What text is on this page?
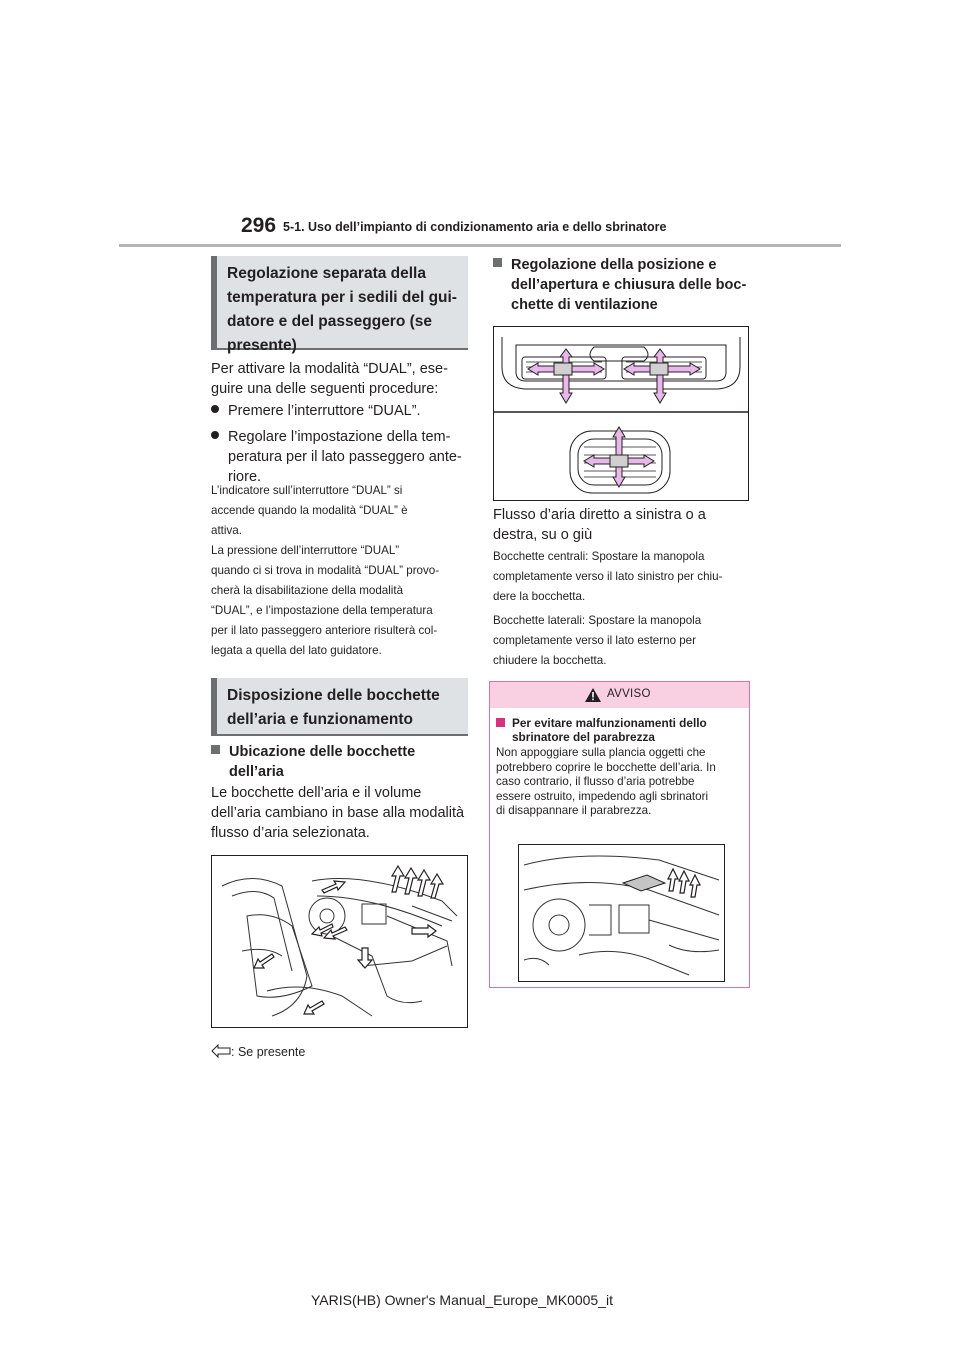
296 5-1. Uso dell’impianto di condizionamento aria e dello sbrinatore
Regolazione separata della
temperatura per i sedili del gui-
datore e del passeggero (se
presente)
Per attivare la modalità “DUAL”, ese-
guire una delle seguenti procedure:
Premere l’interruttore “DUAL”.
Regolare l’impostazione della tem-
peratura per il lato passeggero ante-
riore.
L’indicatore sull’interruttore “DUAL” si
accende quando la modalità “DUAL” è
attiva.
La pressione dell’interruttore “DUAL”
quando ci si trova in modalità “DUAL” provo-
cherà la disabilitazione della modalità
“DUAL”, e l’impostazione della temperatura
per il lato passeggero anteriore risulterà col-
legata a quella del lato guidatore.
Disposizione delle bocchette
dell’aria e funzionamento
Ubicazione delle bocchette
dell’aria
Le bocchette dell’aria e il volume
dell’aria cambiano in base alla modalità
flusso d’aria selezionata.
: Se presente
Regolazione della posizione e
dell’apertura e chiusura delle boc-
chette di ventilazione
Flusso d’aria diretto a sinistra o a
destra, su o giù
Bocchette centrali: Spostare la manopola
completamente verso il lato sinistro per chiu-
dere la bocchetta.
Bocchette laterali: Spostare la manopola
completamente verso il lato esterno per
chiudere la bocchetta.
AVVISO
Per evitare malfunzionamenti dello
sbrinatore del parabrezza
Non appoggiare sulla plancia oggetti che
potrebbero coprire le bocchette dell’aria. In
caso contrario, il flusso d’aria potrebbe
essere ostruito, impedendo agli sbrinatori
di disappannare il parabrezza.
YARIS(HB) Owner's Manual_Europe_MK0005_it
